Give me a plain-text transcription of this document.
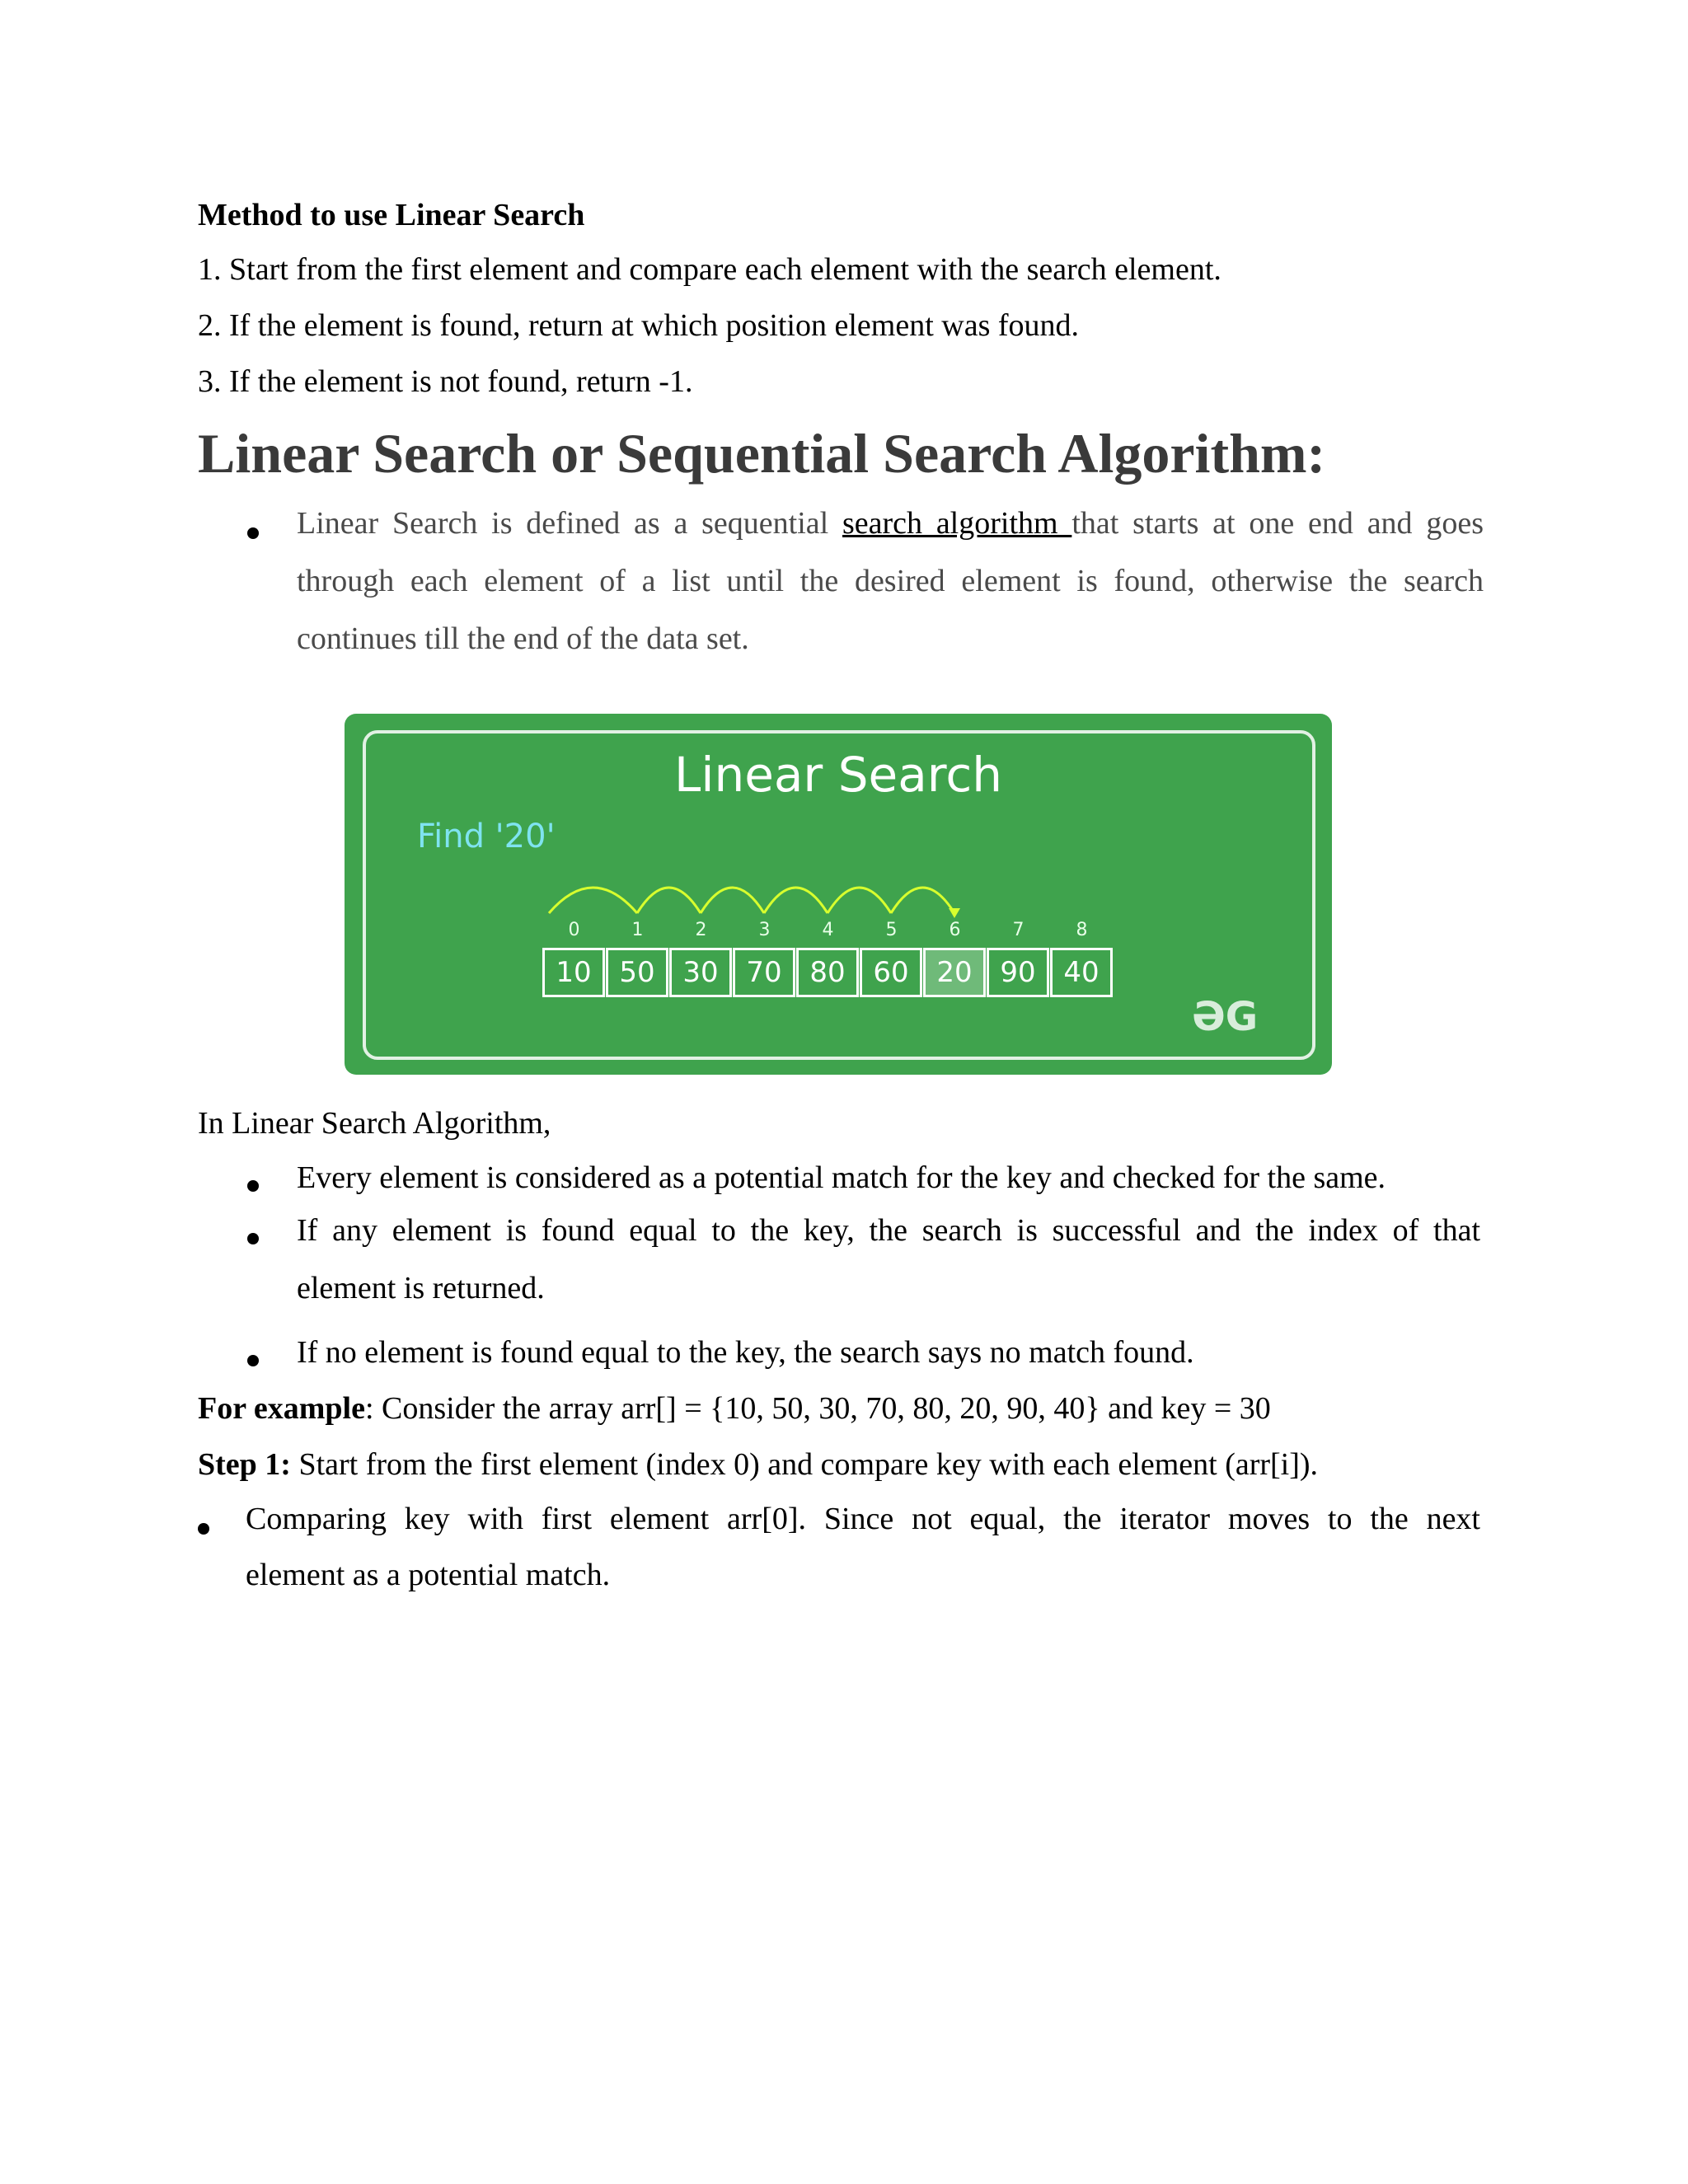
Method to use Linear Search
1. Start from the first element and compare each element with the search element.
2. If the element is found, return at which position element was found.
3. If the element is not found, return -1.
Linear Search or Sequential Search Algorithm:
Linear Search is defined as a sequential search algorithm that starts at one end and goes
through each element of a list until the desired element is found, otherwise the search
continues till the end of the data set.
Linear Search
Find '20'
0	1	2	3	4	5	6	7	8
10 50 30 70 80 60 20 90 40
ƏG
In Linear Search Algorithm,
Every element is considered as a potential match for the key and checked for the same.
If any element is found equal to the key, the search is successful and the index of that
element is returned.
If no element is found equal to the key, the search says no match found.
For example: Consider the array arr[] = {10, 50, 30, 70, 80, 20, 90, 40} and key = 30
Step 1: Start from the first element (index 0) and compare key with each element (arr[i]).
Comparing key with first element arr[0]. Since not equal, the iterator moves to the next
element as a potential match.
